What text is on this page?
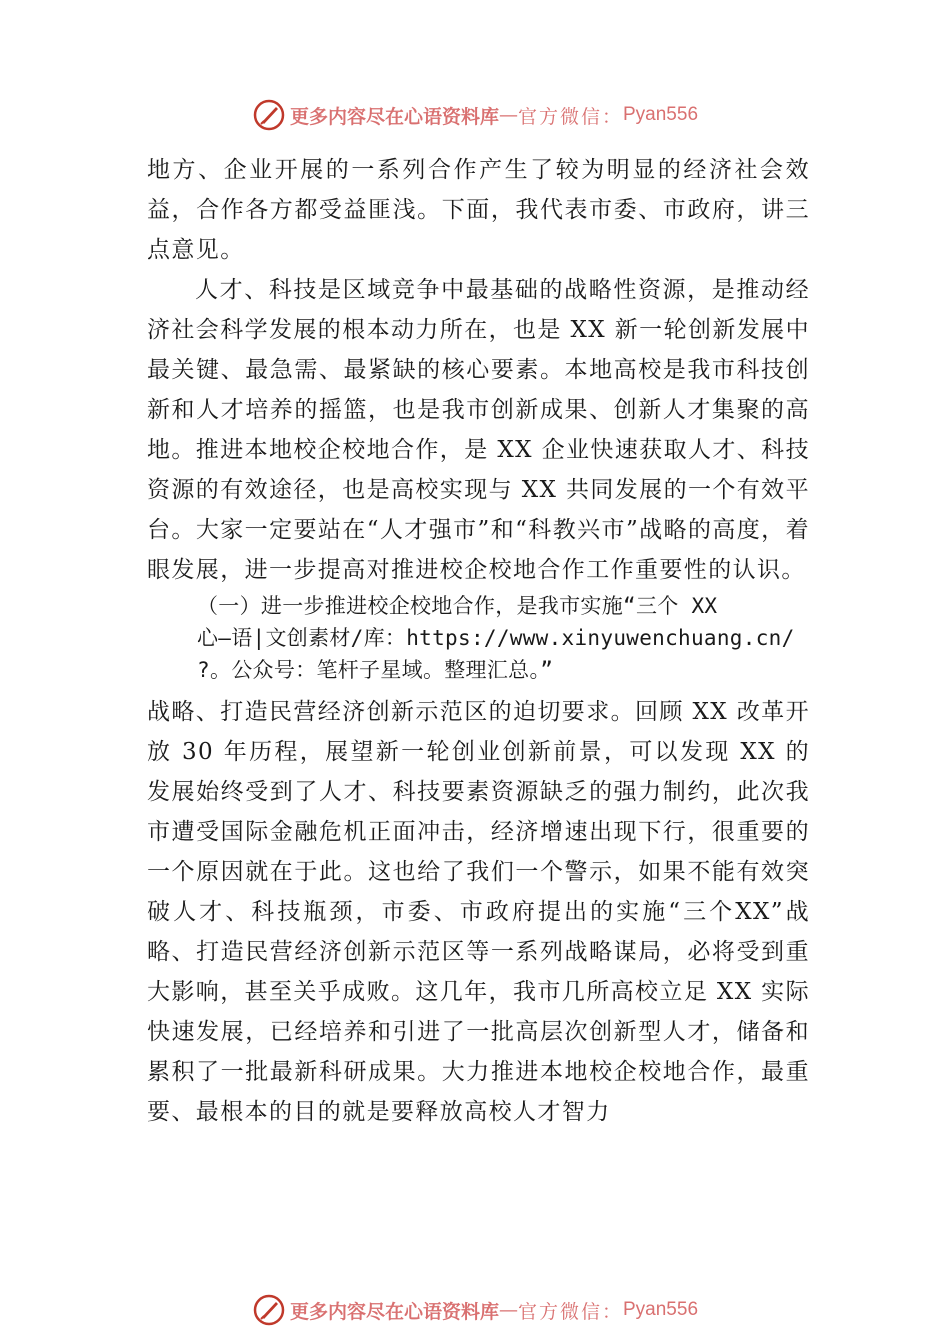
更多内容尽在心语资料库 — 官方微信： Pyan556

地方、企业开展的一系列合作产生了较为明显的经济社会效益，合作各方都受益匪浅。下面，我代表市委、市政府，讲三点意见。

人才、科技是区域竞争中最基础的战略性资源，是推动经济社会科学发展的根本动力所在，也是 XX 新一轮创新发展中最关键、最急需、最紧缺的核心要素。本地高校是我市科技创新和人才培养的摇篮，也是我市创新成果、创新人才集聚的高地。推进本地校企校地合作，是 XX 企业快速获取人才、科技资源的有效途径，也是高校实现与 XX 共同发展的一个有效平台。大家一定要站在“人才强市”和“科教兴市”战略的高度，着眼发展，进一步提高对推进校企校地合作工作重要性的认识。

（一）进一步推进校企校地合作，是我市实施“三个 XX
心—语|文创素材/库：https://www.xinyuwenchuang.cn/
?。公众号：笔杆子星域。整理汇总。”

战略、打造民营经济创新示范区的迫切要求。回顾 XX 改革开放 30 年历程，展望新一轮创业创新前景，可以发现 XX 的发展始终受到了人才、科技要素资源缺乏的强力制约，此次我市遭受国际金融危机正面冲击，经济增速出现下行，很重要的一个原因就在于此。这也给了我们一个警示，如果不能有效突破人才、科技瓶颈，市委、市政府提出的实施“三个XX”战略、打造民营经济创新示范区等一系列战略谋局，必将受到重大影响，甚至关乎成败。这几年，我市几所高校立足 XX 实际快速发展，已经培养和引进了一批高层次创新型人才，储备和累积了一批最新科研成果。大力推进本地校企校地合作，最重要、最根本的目的就是要释放高校人才智力

更多内容尽在心语资料库 — 官方微信： Pyan556
